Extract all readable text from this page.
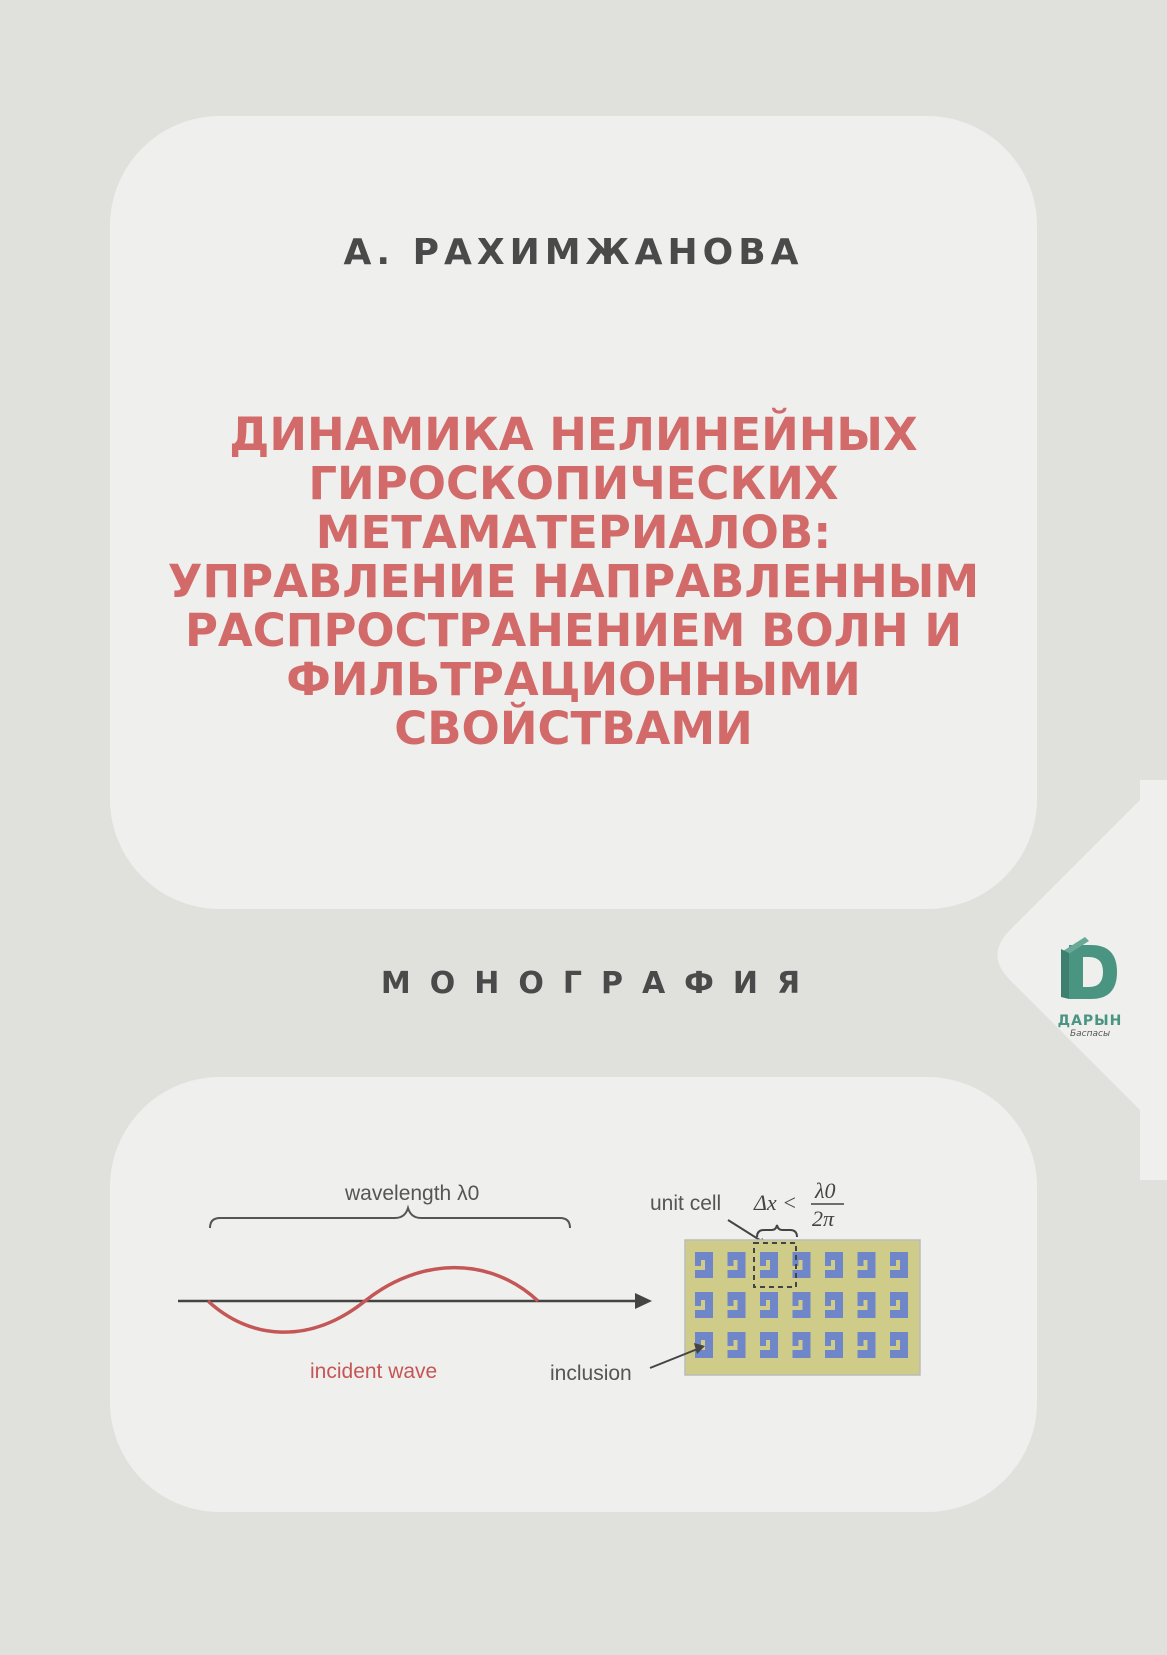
А. РАХИМЖАНОВА
ДИНАМИКА НЕЛИНЕЙНЫХ
ГИРОСКОПИЧЕСКИХ
МЕТАМАТЕРИАЛОВ:
УПРАВЛЕНИЕ НАПРАВЛЕННЫМ
РАСПРОСТРАНЕНИЕМ ВОЛН И
ФИЛЬТРАЦИОННЫМИ
СВОЙСТВАМИ
МОНОГРАФИЯ
ДАРЫН
Баспасы
wavelength λ0
incident wave
unit cell Δx < λ0
2π
inclusion
